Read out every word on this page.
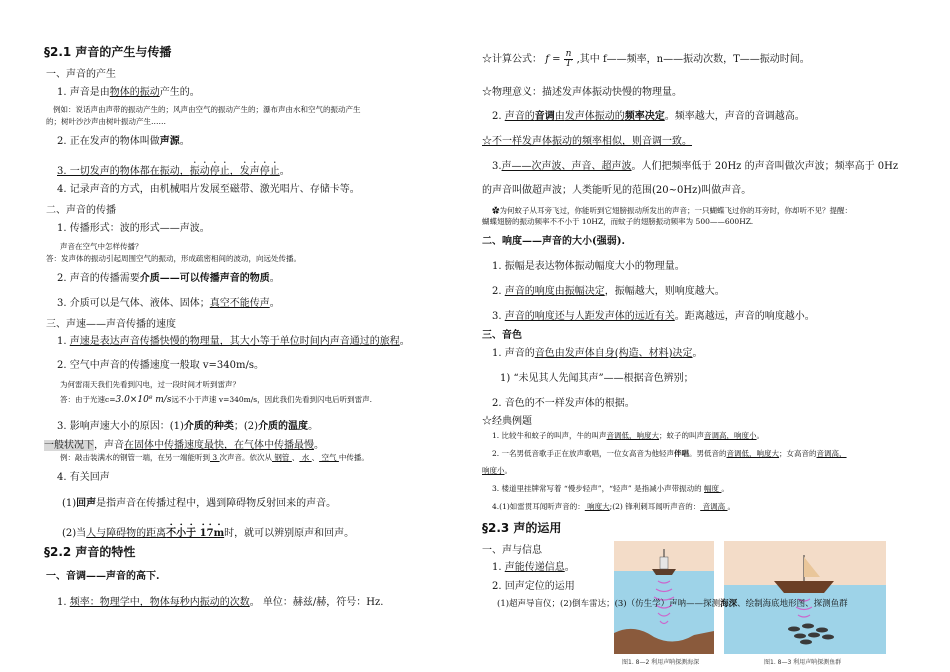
§2.1 声音的产生与传播
一、声音的产生
1. 声音是由物体的振动产生的。
例如：说话声由声带的振动产生的；风声由空气的振动产生的；瀑布声由水和空气的振动产生
的；树叶沙沙声由树叶振动产生……
2. 正在发声的物体叫做声源。
3. 一切发声的物体都在振动，振动停止，发声停止。
4. 记录声音的方式，由机械唱片发展至磁带、激光唱片、存储卡等。
二、声音的传播
1. 传播形式：波的形式——声波。
声音在空气中怎样传播？
答：发声体的振动引起周围空气的振动，形成疏密相间的波动，向远处传播。
2. 声音的传播需要介质——可以传播声音的物质。
3. 介质可以是气体、液体、固体；真空不能传声。
三、声速——声音传播的速度
1. 声速是表达声音传播快慢的物理量，其大小等于单位时间内声音通过的旅程。
2. 空气中声音的传播速度一般取 v=340m/s。
为何雷雨天我们先看到闪电，过一段时间才听到雷声？
答：由于光速c=3.0×10⁸ m/s远不小于声速 v=340m/s，因此我们先看到闪电后听到雷声.
3. 影响声速大小的原因：(1)介质的种类；(2)介质的温度。
一般状况下，声音在固体中传播速度最快，在气体中传播最慢。
例：敲击装满水的钢管一端，在另一端能听到 3 次声音。依次从 钢管 、 水 、 空气 中传播。
4. 有关回声
(1)回声是指声音在传播过程中，遇到障碍物反射回来的声音。
(2)当人与障碍物的距离不小于 17m时，就可以辨别原声和回声。
§2.2 声音的特性
一、音调——声音的高下.
1. 频率：物理学中，物体每秒内振动的次数。 单位：赫兹/赫，符号：Hz.
☆计算公式： $f = \frac{n}{T}$ ,其中 f——频率，n——振动次数，T——振动时间。
☆物理意义：描述发声体振动快慢的物理量。
2. 声音的音调由发声体振动的频率决定。频率越大，声音的音调越高。
☆不一样发声体振动的频率相似，则音调一致。
3.声——次声波、声音、超声波。人们把频率低于 20Hz 的声音叫做次声波；频率高于 0Hz
的声音叫做超声波；人类能听见的范围(20~0Hz)叫做声音。
✿为何蚊子从耳旁飞过，你能听到它翅膀振动所发出的声音；一只蝴蝶飞过你的耳旁时，你却听不见？提醒：
蝴蝶翅膀的振动频率不不小于 10HZ，而蚊子的翅膀振动频率为 500——600HZ.
二、响度——声音的大小(强弱).
1. 振幅是表达物体振动幅度大小的物理量。
2. 声音的响度由振幅决定，振幅越大，则响度越大。
3. 声音的响度还与人距发声体的远近有关。距离越远，声音的响度越小。
三、音色
1. 声音的音色由发声体自身(构造、材料)决定。
1) “未见其人先闻其声”——根据音色辨别；
2. 音色的不一样发声体的根据。
☆经典例题
1. 比较牛和蚊子的叫声，牛的叫声音调低，响度大；蚊子的叫声音调高，响度小。
2. 一名男低音歌手正在放声歌唱，一位女高音为他轻声伴唱。男低音的音调低，响度大；女高音的音调高，
响度小。
3. 楼道里挂牌常写着 “慢步轻声”，“轻声” 是指减小声带振动的 幅度 。
4.(1)如雷贯耳闻听声音的： 响度大;(2) 锋利刺耳闻听声音的： 音调高 。
§2.3 声的运用
一、声与信息
1. 声能传递信息。
2. 回声定位的运用
(1)超声导盲仪；(2)倒车雷达；(3)（仿生学）声呐——探测海深、绘制海底地形图、探测鱼群
图1. 8—2 利用声呐探测海深	图1. 8—3 利用声呐探测鱼群
